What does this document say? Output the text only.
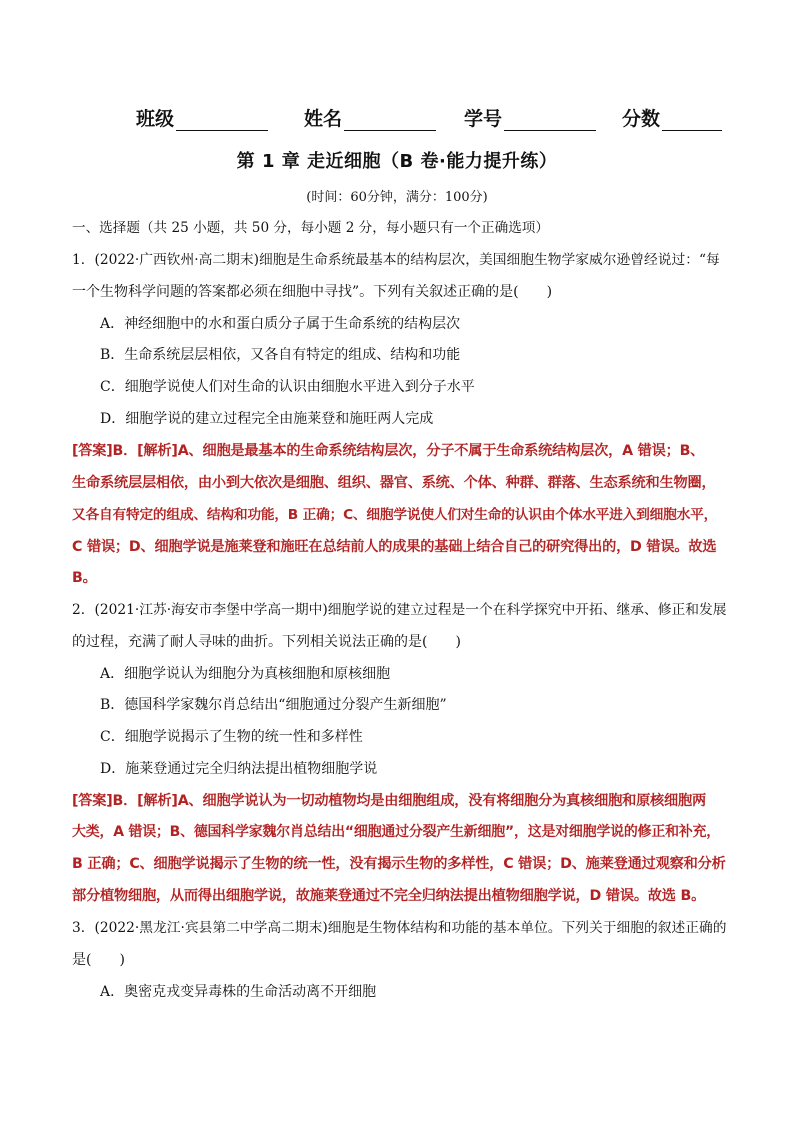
班级	姓名	学号	分数
第 1 章 走近细胞（B 卷·能力提升练）
(时间：60分钟，满分：100分)
一、选择题（共 25 小题，共 50 分，每小题 2 分，每小题只有一个正确选项）
1．(2022·广西钦州·高二期末)细胞是生命系统最基本的结构层次，美国细胞生物学家威尔逊曾经说过：“每
一个生物科学问题的答案都必须在细胞中寻找”。下列有关叙述正确的是(　　)
A．神经细胞中的水和蛋白质分子属于生命系统的结构层次
B．生命系统层层相依，又各自有特定的组成、结构和功能
C．细胞学说使人们对生命的认识由细胞水平进入到分子水平
D．细胞学说的建立过程完全由施莱登和施旺两人完成
[答案]B．[解析]A、细胞是最基本的生命系统结构层次，分子不属于生命系统结构层次，A 错误；B、
生命系统层层相依，由小到大依次是细胞、组织、器官、系统、个体、种群、群落、生态系统和生物圈，
又各自有特定的组成、结构和功能，B 正确；C、细胞学说使人们对生命的认识由个体水平进入到细胞水平，
C 错误；D、细胞学说是施莱登和施旺在总结前人的成果的基础上结合自己的研究得出的，D 错误。故选
B。
2．(2021·江苏·海安市李堡中学高一期中)细胞学说的建立过程是一个在科学探究中开拓、继承、修正和发展
的过程，充满了耐人寻味的曲折。下列相关说法正确的是(　　)
A．细胞学说认为细胞分为真核细胞和原核细胞
B．德国科学家魏尔肖总结出“细胞通过分裂产生新细胞”
C．细胞学说揭示了生物的统一性和多样性
D．施莱登通过完全归纳法提出植物细胞学说
[答案]B．[解析]A、细胞学说认为一切动植物均是由细胞组成，没有将细胞分为真核细胞和原核细胞两
大类，A 错误；B、德国科学家魏尔肖总结出“细胞通过分裂产生新细胞”，这是对细胞学说的修正和补充，
B 正确；C、细胞学说揭示了生物的统一性，没有揭示生物的多样性，C 错误；D、施莱登通过观察和分析
部分植物细胞，从而得出细胞学说，故施莱登通过不完全归纳法提出植物细胞学说，D 错误。故选 B。
3．(2022·黑龙江·宾县第二中学高二期末)细胞是生物体结构和功能的基本单位。下列关于细胞的叙述正确的
是(　　)
A．奥密克戎变异毒株的生命活动离不开细胞
